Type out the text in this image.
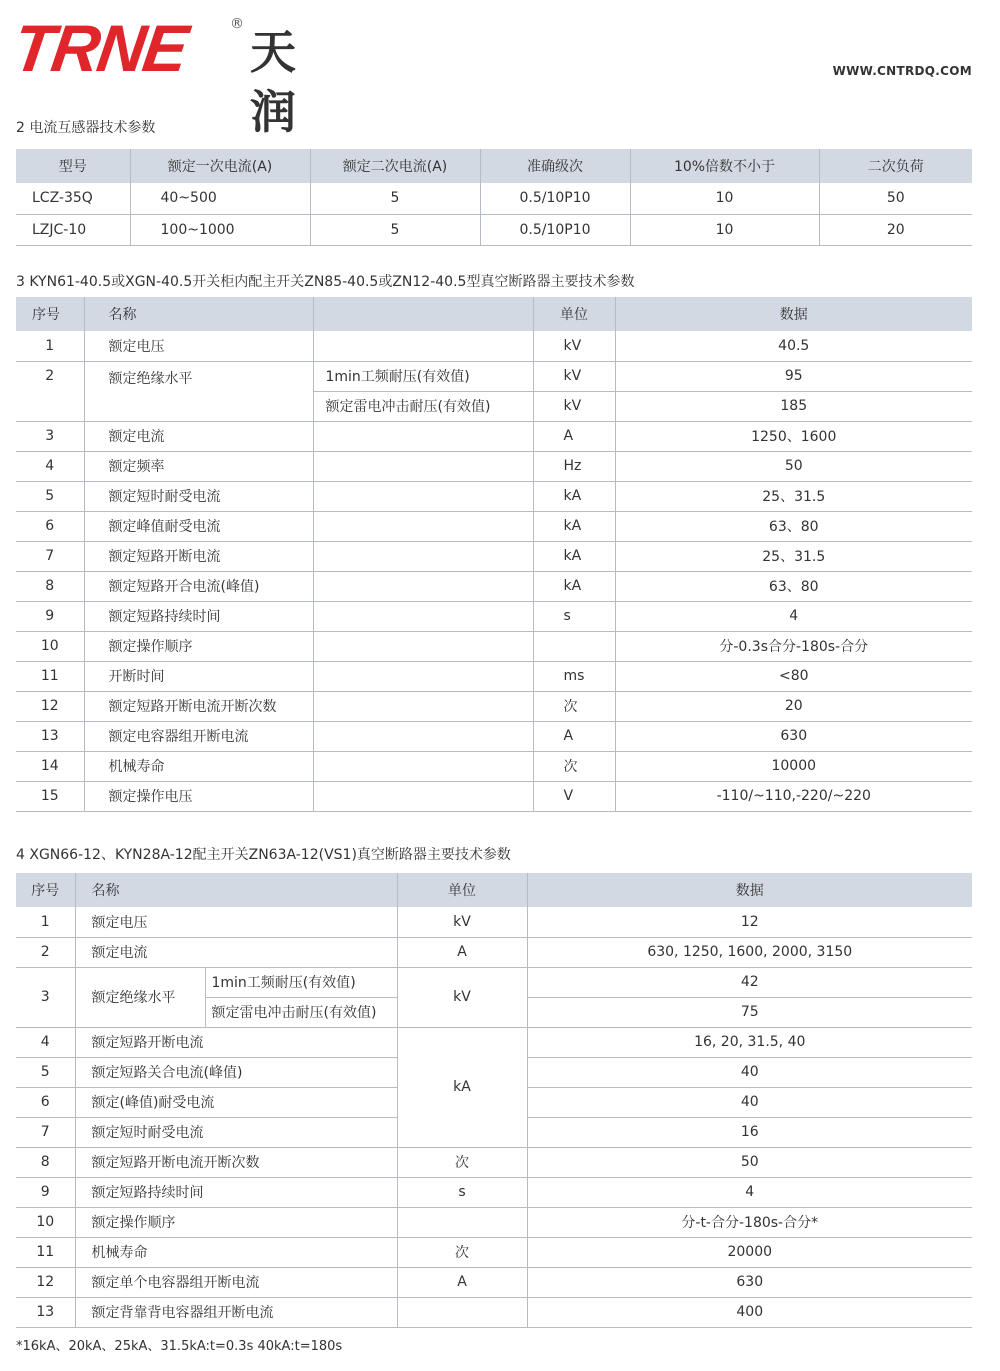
TRNE	®
天润
WWW.CNTRDQ.COM
2 电流互感器技术参数
型号	额定一次电流(A)	额定二次电流(A)	准确级次	10%倍数不小于	二次负荷
LCZ-35Q	40~500	5	0.5/10P10	10	50
LZJC-10	100~1000	5	0.5/10P10	10	20
3 KYN61-40.5或XGN-40.5开关柜内配主开关ZN85-40.5或ZN12-40.5型真空断路器主要技术参数
序号	名称		单位	数据
1	额定电压		kV	40.5
2	额定绝缘水平	1min工频耐压(有效值)	kV	95
		额定雷电冲击耐压(有效值)	kV	185
3	额定电流		A	1250、1600
4	额定频率		Hz	50
5	额定短时耐受电流		kA	25、31.5
6	额定峰值耐受电流		kA	63、80
7	额定短路开断电流		kA	25、31.5
8	额定短路开合电流(峰值)		kA	63、80
9	额定短路持续时间		s	4
10	额定操作顺序			分-0.3s合分-180s-合分
11	开断时间		ms	<80
12	额定短路开断电流开断次数		次	20
13	额定电容器组开断电流		A	630
14	机械寿命		次	10000
15	额定操作电压		V	-110/~110,-220/~220
4 XGN66-12、KYN28A-12配主开关ZN63A-12(VS1)真空断路器主要技术参数
序号	名称		单位	数据
1	额定电压		kV	12
2	额定电流		A	630, 1250, 1600, 2000, 3150
3	额定绝缘水平	1min工频耐压(有效值)	kV	42
		额定雷电冲击耐压(有效值)		75
4	额定短路开断电流		kA	16, 20, 31.5, 40
5	额定短路关合电流(峰值)			40
6	额定(峰值)耐受电流			40
7	额定短时耐受电流			16
8	额定短路开断电流开断次数		次	50
9	额定短路持续时间		s	4
10	额定操作顺序			分-t-合分-180s-合分*
11	机械寿命		次	20000
12	额定单个电容器组开断电流		A	630
13	额定背靠背电容器组开断电流			400
*16kA、20kA、25kA、31.5kA:t=0.3s 40kA:t=180s
